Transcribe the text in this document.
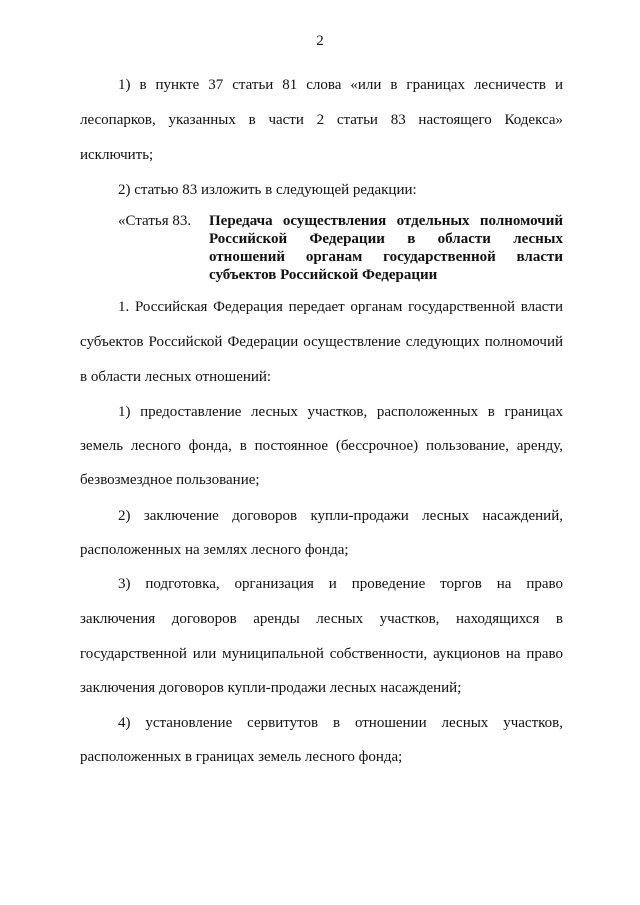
2
1) в пункте 37 статьи 81 слова «или в границах лесничеств и
лесопарков, указанных в части 2 статьи 83 настоящего Кодекса»
исключить;
2) статью 83 изложить в следующей редакции:
«Статья 83. Передача осуществления отдельных полномочий
Российской Федерации в области лесных
отношений органам государственной власти
субъектов Российской Федерации
1. Российская Федерация передает органам государственной власти
субъектов Российской Федерации осуществление следующих полномочий
в области лесных отношений:
1) предоставление лесных участков, расположенных в границах
земель лесного фонда, в постоянное (бессрочное) пользование, аренду,
безвозмездное пользование;
2) заключение договоров купли-продажи лесных насаждений,
расположенных на землях лесного фонда;
3) подготовка, организация и проведение торгов на право
заключения договоров аренды лесных участков, находящихся в
государственной или муниципальной собственности, аукционов на право
заключения договоров купли-продажи лесных насаждений;
4) установление сервитутов в отношении лесных участков,
расположенных в границах земель лесного фонда;
